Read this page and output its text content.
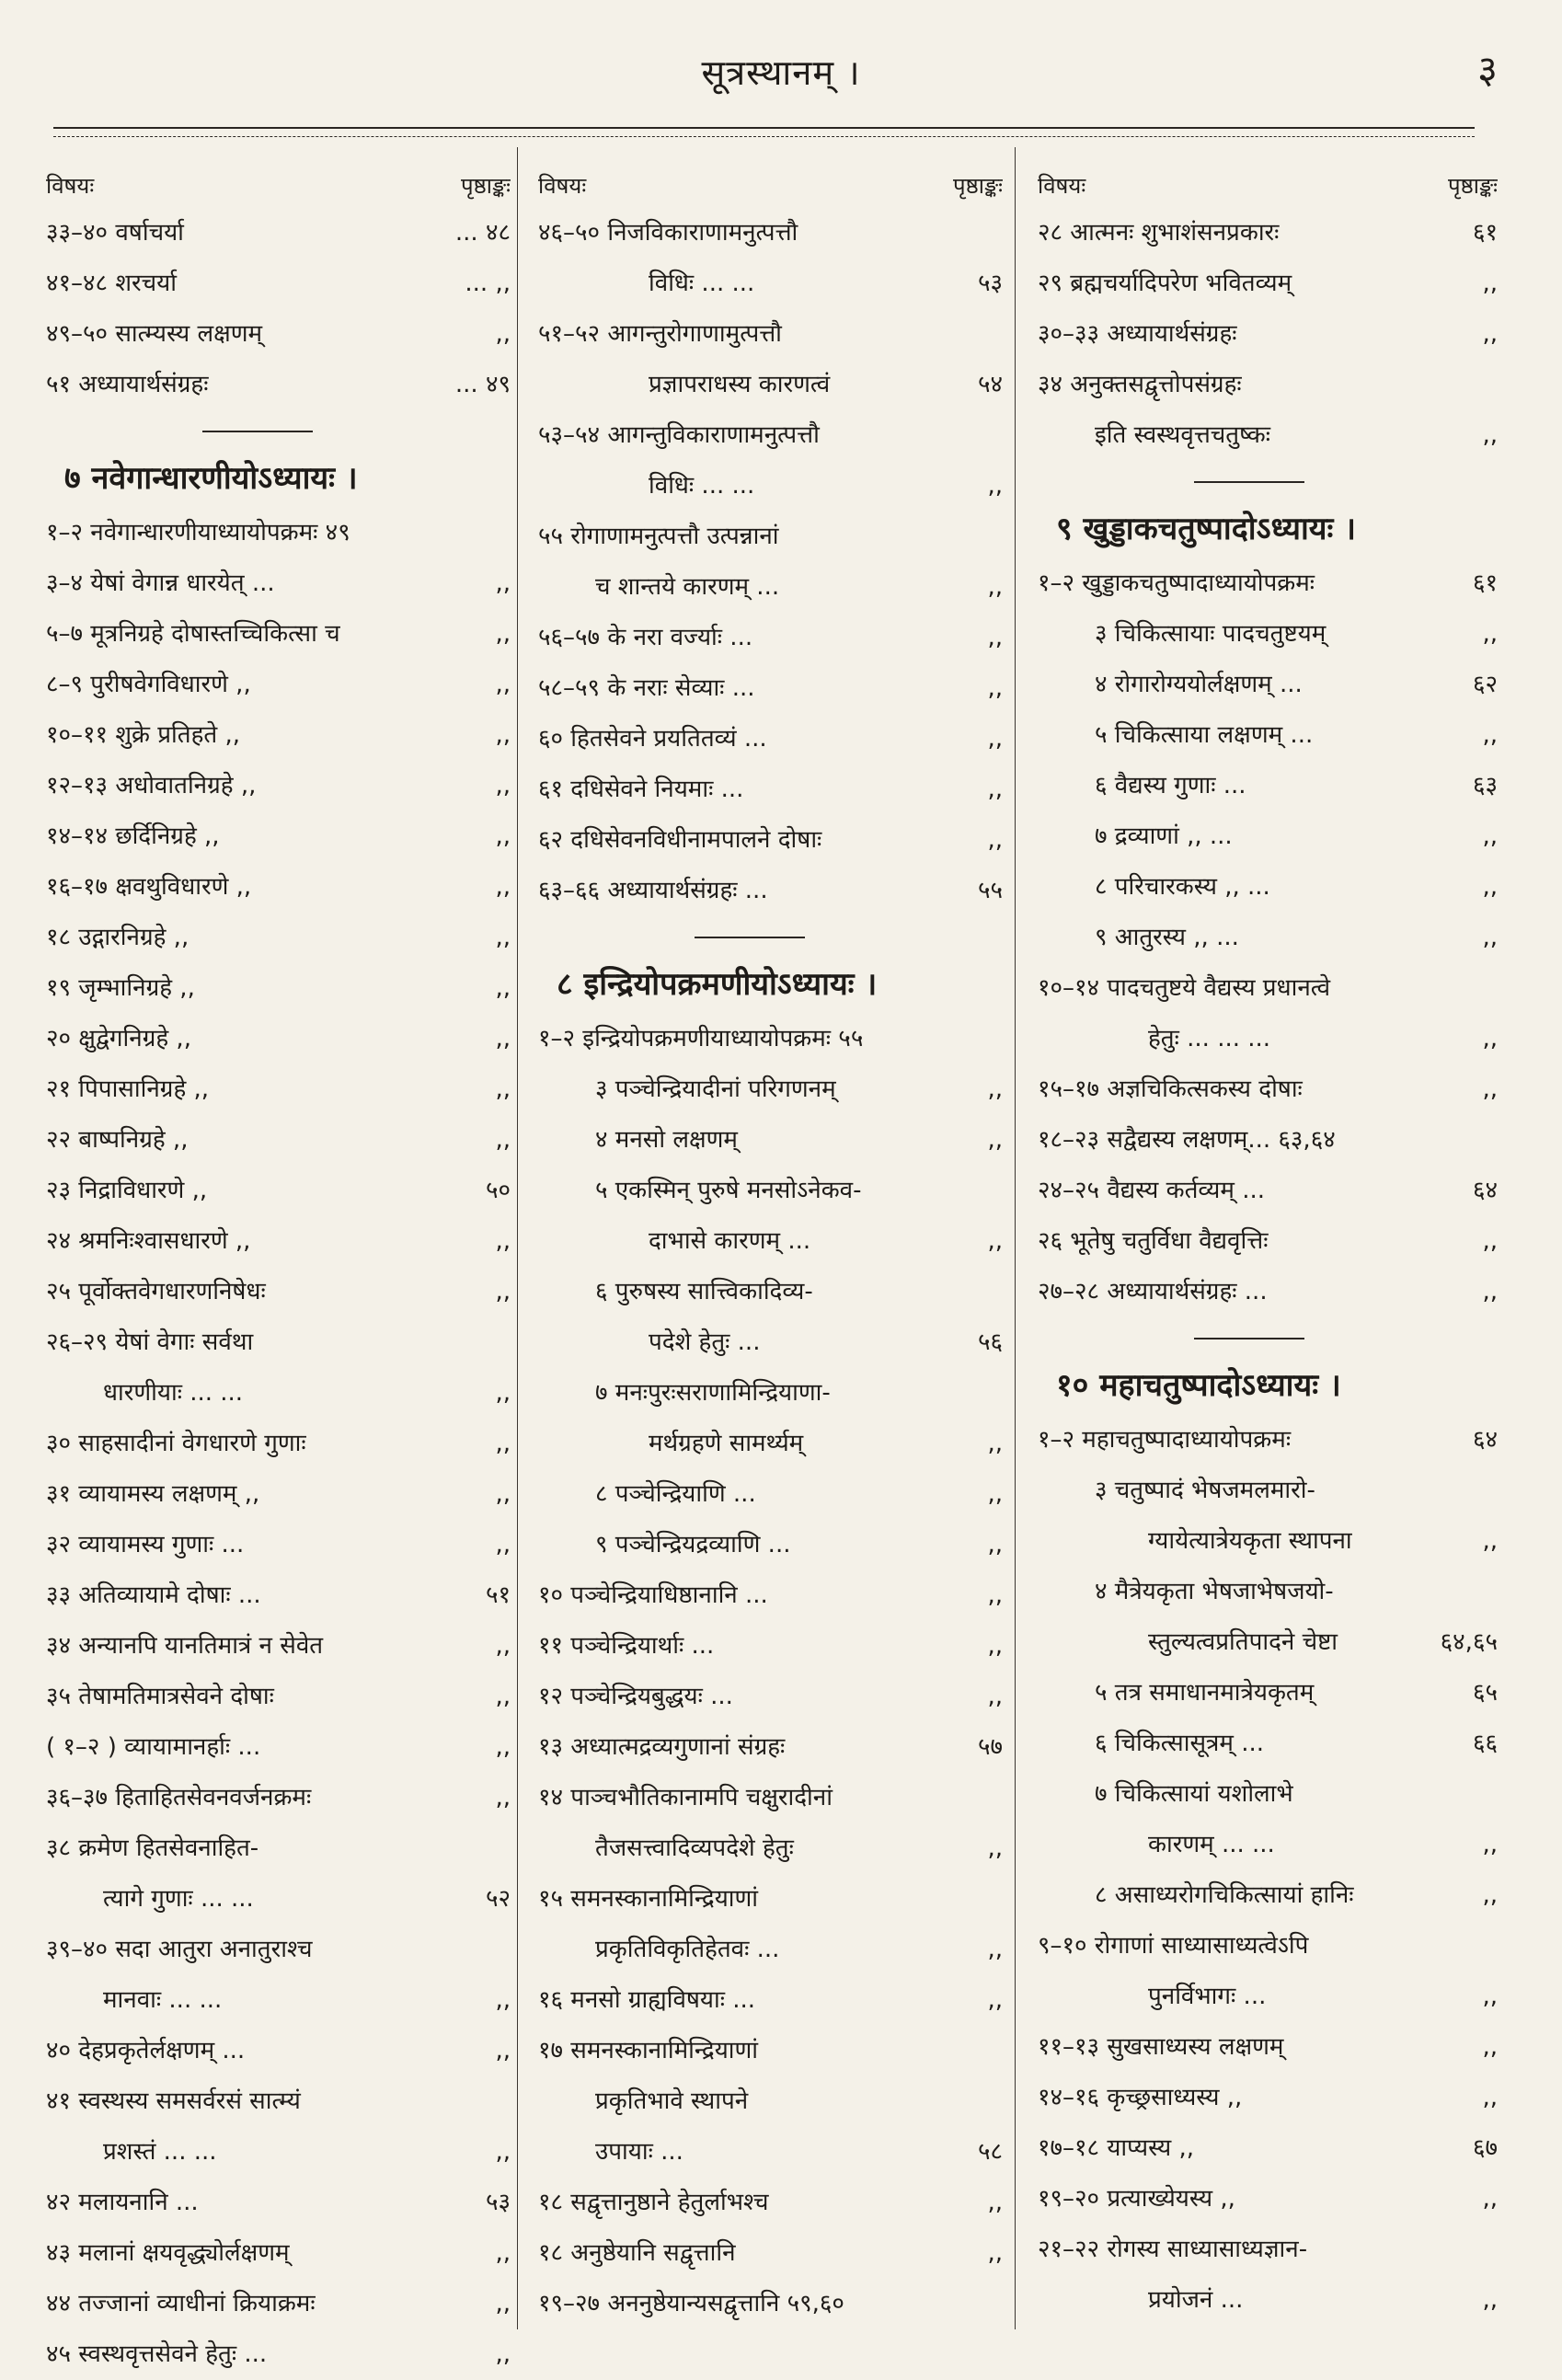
सूत्रस्थानम् ।	३
विषयः	पृष्ठाङ्कः
३३–४० वर्षाचर्या	... ४८
४१–४८ शरचर्या	... ,,
४९–५० सात्म्यस्य लक्षणम्	,,
५१ अध्यायार्थसंग्रहः	... ४९
७ नवेगान्धारणीयोऽध्यायः ।
१–२ नवेगान्धारणीयाध्यायोपक्रमः ४९
३–४ येषां वेगान्न धारयेत् ...	,,
५–७ मूत्रनिग्रहे दोषास्तच्चिकित्सा च	,,
८–९ पुरीषवेगविधारणे ,,	,,
१०–११ शुक्रे प्रतिहते ,,	,,
१२–१३ अधोवातनिग्रहे ,,	,,
१४–१४ छर्दिनिग्रहे ,,	,,
१६–१७ क्षवथुविधारणे ,,	,,
१८ उद्गारनिग्रहे ,,	,,
१९ जृम्भानिग्रहे ,,	,,
२० क्षुद्वेगनिग्रहे ,,	,,
२१ पिपासानिग्रहे ,,	,,
२२ बाष्पनिग्रहे ,,	,,
२३ निद्राविधारणे ,,	५०
२४ श्रमनिःश्वासधारणे ,,	,,
२५ पूर्वोक्तवेगधारणनिषेधः	,,
२६–२९ येषां वेगाः सर्वथा
धारणीयाः ... ...	,,
३० साहसादीनां वेगधारणे गुणाः	,,
३१ व्यायामस्य लक्षणम् ,,	,,
३२ व्यायामस्य गुणाः ...	,,
३३ अतिव्यायामे दोषाः ...	५१
३४ अन्यानपि यानतिमात्रं न सेवेत	,,
३५ तेषामतिमात्रसेवने दोषाः	,,
( १–२ ) व्यायामानर्हाः ...	,,
३६–३७ हिताहितसेवनवर्जनक्रमः	,,
३८ क्रमेण हितसेवनाहित-
त्यागे गुणाः ... ...	५२
३९–४० सदा आतुरा अनातुराश्च
मानवाः ... ...	,,
४० देहप्रकृतेर्लक्षणम् ...	,,
४१ स्वस्थस्य समसर्वरसं सात्म्यं
प्रशस्तं ... ...	,,
४२ मलायनानि ...	५३
४३ मलानां क्षयवृद्ध्योर्लक्षणम्	,,
४४ तज्जानां व्याधीनां क्रियाक्रमः	,,
४५ स्वस्थवृत्तसेवने हेतुः ...	,,
विषयः	पृष्ठाङ्कः
४६–५० निजविकाराणामनुत्पत्तौ
विधिः ... ...	५३
५१–५२ आगन्तुरोगाणामुत्पत्तौ
प्रज्ञापराधस्य कारणत्वं	५४
५३–५४ आगन्तुविकाराणामनुत्पत्तौ
विधिः ... ...	,,
५५ रोगाणामनुत्पत्तौ उत्पन्नानां
च शान्तये कारणम् ...	,,
५६–५७ के नरा वर्ज्याः ...	,,
५८–५९ के नराः सेव्याः ...	,,
६० हितसेवने प्रयतितव्यं ...	,,
६१ दधिसेवने नियमाः ...	,,
६२ दधिसेवनविधीनामपालने दोषाः	,,
६३–६६ अध्यायार्थसंग्रहः ...	५५
८ इन्द्रियोपक्रमणीयोऽध्यायः ।
१–२ इन्द्रियोपक्रमणीयाध्यायोपक्रमः ५५
३ पञ्चेन्द्रियादीनां परिगणनम्	,,
४ मनसो लक्षणम्	,,
५ एकस्मिन् पुरुषे मनसोऽनेकव-
दाभासे कारणम् ...	,,
६ पुरुषस्य सात्त्विकादिव्य-
पदेशे हेतुः ...	५६
७ मनःपुरःसराणामिन्द्रियाणा-
मर्थग्रहणे सामर्थ्यम्	,,
८ पञ्चेन्द्रियाणि ...	,,
९ पञ्चेन्द्रियद्रव्याणि ...	,,
१० पञ्चेन्द्रियाधिष्ठानानि ...	,,
११ पञ्चेन्द्रियार्थाः ...	,,
१२ पञ्चेन्द्रियबुद्धयः ...	,,
१३ अध्यात्मद्रव्यगुणानां संग्रहः	५७
१४ पाञ्चभौतिकानामपि चक्षुरादीनां
तैजसत्त्वादिव्यपदेशे हेतुः	,,
१५ समनस्कानामिन्द्रियाणां
प्रकृतिविकृतिहेतवः ...	,,
१६ मनसो ग्राह्यविषयाः ...	,,
१७ समनस्कानामिन्द्रियाणां
प्रकृतिभावे स्थापने
उपायाः ...	५८
१८ सद्वृत्तानुष्ठाने हेतुर्लाभश्च	,,
१८ अनुष्ठेयानि सद्वृत्तानि	,,
१९–२७ अननुष्ठेयान्यसद्वृत्तानि ५९,६०
विषयः	पृष्ठाङ्कः
२८ आत्मनः शुभाशंसनप्रकारः	६१
२९ ब्रह्मचर्यादिपरेण भवितव्यम्	,,
३०–३३ अध्यायार्थसंग्रहः	,,
३४ अनुक्तसद्वृत्तोपसंग्रहः
इति स्वस्थवृत्तचतुष्कः	,,
९ खुड्डाकचतुष्पादोऽध्यायः ।
१–२ खुड्डाकचतुष्पादाध्यायोपक्रमः	६१
३ चिकित्सायाः पादचतुष्टयम्	,,
४ रोगारोग्ययोर्लक्षणम् ...	६२
५ चिकित्साया लक्षणम् ...	,,
६ वैद्यस्य गुणाः ...	६३
७ द्रव्याणां ,, ...	,,
८ परिचारकस्य ,, ...	,,
९ आतुरस्य ,, ...	,,
१०–१४ पादचतुष्टये वैद्यस्य प्रधानत्वे
हेतुः ... ... ...	,,
१५–१७ अज्ञचिकित्सकस्य दोषाः	,,
१८–२३ सद्वैद्यस्य लक्षणम्... ६३,६४
२४–२५ वैद्यस्य कर्तव्यम् ...	६४
२६ भूतेषु चतुर्विधा वैद्यवृत्तिः	,,
२७–२८ अध्यायार्थसंग्रहः ...	,,
१० महाचतुष्पादोऽध्यायः ।
१–२ महाचतुष्पादाध्यायोपक्रमः	६४
३ चतुष्पादं भेषजमलमारो-
ग्यायेत्यात्रेयकृता स्थापना	,,
४ मैत्रेयकृता भेषजाभेषजयो-
स्तुल्यत्वप्रतिपादने चेष्टा	६४,६५
५ तत्र समाधानमात्रेयकृतम्	६५
६ चिकित्सासूत्रम् ...	६६
७ चिकित्सायां यशोलाभे
कारणम् ... ...	,,
८ असाध्यरोगचिकित्सायां हानिः	,,
९–१० रोगाणां साध्यासाध्यत्वेऽपि
पुनर्विभागः ...	,,
११–१३ सुखसाध्यस्य लक्षणम्	,,
१४–१६ कृच्छ्रसाध्यस्य ,,	,,
१७–१८ याप्यस्य ,,	६७
१९–२० प्रत्याख्येयस्य ,,	,,
२१–२२ रोगस्य साध्यासाध्यज्ञान-
प्रयोजनं ...	,,
